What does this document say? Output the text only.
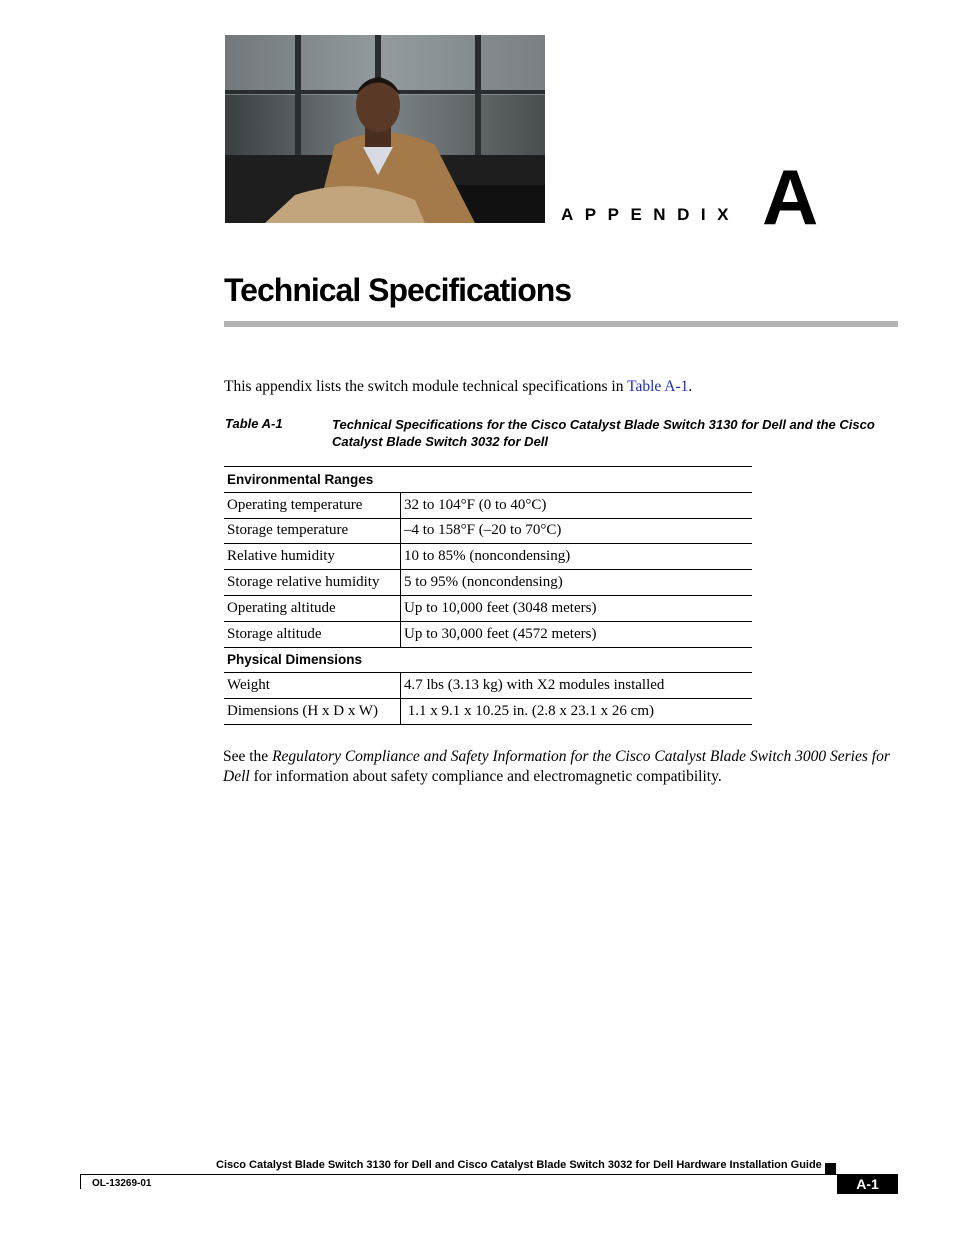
APPENDIX A
Technical Specifications
This appendix lists the switch module technical specifications in Table A-1.
Table A-1	Technical Specifications for the Cisco Catalyst Blade Switch 3130 for Dell and the Cisco Catalyst Blade Switch 3032 for Dell
Environmental Ranges	
Operating temperature	32 to 104°F (0 to 40°C)
Storage temperature	–4 to 158°F (–20 to 70°C)
Relative humidity	10 to 85% (noncondensing)
Storage relative humidity	5 to 95% (noncondensing)
Operating altitude	Up to 10,000 feet (3048 meters)
Storage altitude	Up to 30,000 feet (4572 meters)
Physical Dimensions	
Weight	4.7 lbs (3.13 kg) with X2 modules installed
Dimensions (H x D x W)	1.1 x 9.1 x 10.25 in. (2.8 x 23.1 x 26 cm)
See the Regulatory Compliance and Safety Information for the Cisco Catalyst Blade Switch 3000 Series for Dell for information about safety compliance and electromagnetic compatibility.
Cisco Catalyst Blade Switch 3130 for Dell and Cisco Catalyst Blade Switch 3032 for Dell Hardware Installation Guide
OL-13269-01	A-1
